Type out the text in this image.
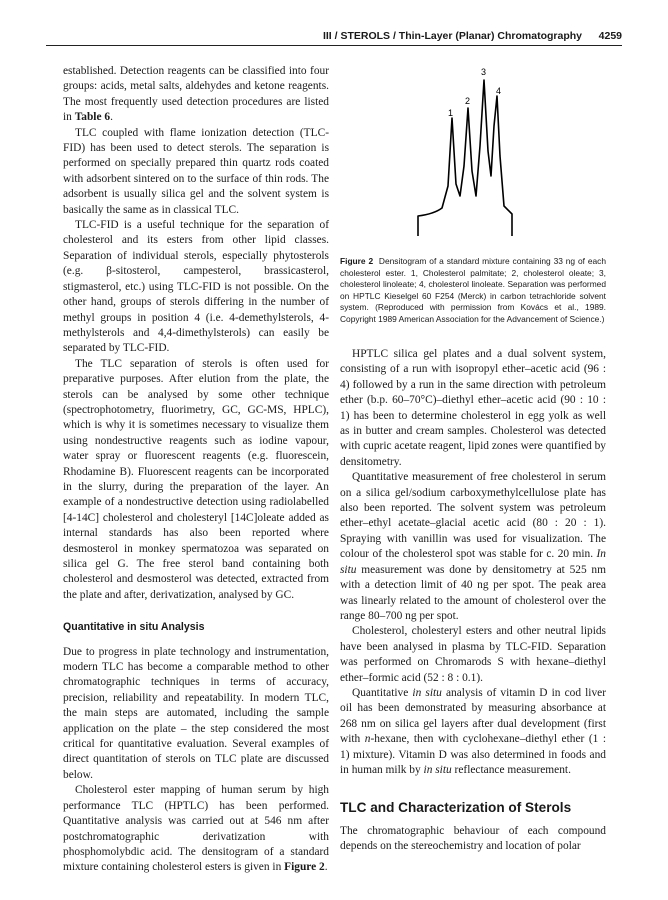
III / STEROLS / Thin-Layer (Planar) Chromatography 4259

established. Detection reagents can be classified into four groups: acids, metal salts, aldehydes and ketone reagents. The most frequently used detection procedures are listed in Table 6.

TLC coupled with flame ionization detection (TLC-FID) has been used to detect sterols. The separation is performed on specially prepared thin quartz rods coated with adsorbent sintered on to the surface of thin rods. The adsorbent is usually silica gel and the solvent system is basically the same as in classical TLC.

TLC-FID is a useful technique for the separation of cholesterol and its esters from other lipid classes. Separation of individual sterols, especially phytosterols (e.g. β-sitosterol, campesterol, brassicasterol, stigmasterol, etc.) using TLC-FID is not possible. On the other hand, groups of sterols differing in the number of methyl groups in position 4 (i.e. 4-demethylsterols, 4-methylsterols and 4,4-dimethylsterols) can easily be separated by TLC-FID.

The TLC separation of sterols is often used for preparative purposes. After elution from the plate, the sterols can be analysed by some other technique (spectrophotometry, fluorimetry, GC, GC-MS, HPLC), which is why it is sometimes necessary to visualize them using nondestructive reagents such as iodine vapour, water spray or fluorescent reagents (e.g. fluorescein, Rhodamine B). Fluorescent reagents can be incorporated in the slurry, during the preparation of the layer. An example of a nondestructive detection using radiolabelled [4-14C] cholesterol and cholesteryl [14C]oleate added as internal standards has also been reported where desmosterol in monkey spermatozoa was separated on silica gel G. The free sterol band containing both cholesterol and desmosterol was detected, extracted from the plate and after, derivatization, analysed by GC.

Quantitative in situ Analysis

Due to progress in plate technology and instrumentation, modern TLC has become a comparable method to other chromatographic techniques in terms of accuracy, precision, reliability and repeatability. In modern TLC, the main steps are automated, including the sample application on the plate – the step considered the most critical for quantitative evaluation. Several examples of direct quantitation of sterols on TLC plate are discussed below.

Cholesterol ester mapping of human serum by high performance TLC (HPTLC) has been performed. Quantitative analysis was carried out at 546 nm after postchromatographic derivatization with phosphomolybdic acid. The densitogram of a standard mixture containing cholesterol esters is given in Figure 2.

1
2
3
4
Figure 2 Densitogram of a standard mixture containing 33 ng of each cholesterol ester. 1, Cholesterol palmitate; 2, cholesterol oleate; 3, cholesterol linoleate; 4, cholesterol linoleate. Separation was performed on HPTLC Kieselgel 60 F254 (Merck) in carbon tetrachloride solvent system. (Reproduced with permission from Kovács et al., 1989. Copyright 1989 American Association for the Advancement of Science.)

HPTLC silica gel plates and a dual solvent system, consisting of a run with isopropyl ether–acetic acid (96 : 4) followed by a run in the same direction with petroleum ether (b.p. 60–70°C)–diethyl ether–acetic acid (90 : 10 : 1) has been to determine cholesterol in egg yolk as well as in butter and cream samples. Cholesterol was detected with cupric acetate reagent, lipid zones were quantified by densitometry.

Quantitative measurement of free cholesterol in serum on a silica gel/sodium carboxymethylcellulose plate has also been reported. The solvent system was petroleum ether–ethyl acetate–glacial acetic acid (80 : 20 : 1). Spraying with vanillin was used for visualization. The colour of the cholesterol spot was stable for c. 20 min. In situ measurement was done by densitometry at 525 nm with a detection limit of 40 ng per spot. The peak area was linearly related to the amount of cholesterol over the range 80–700 ng per spot.

Cholesterol, cholesteryl esters and other neutral lipids have been analysed in plasma by TLC-FID. Separation was performed on Chromarods S with hexane–diethyl ether–formic acid (52 : 8 : 0.1).

Quantitative in situ analysis of vitamin D in cod liver oil has been demonstrated by measuring absorbance at 268 nm on silica gel layers after dual development (first with n-hexane, then with cyclohexane–diethyl ether (1 : 1) mixture). Vitamin D was also determined in foods and in human milk by in situ reflectance measurement.

TLC and Characterization of Sterols

The chromatographic behaviour of each compound depends on the stereochemistry and location of polar
